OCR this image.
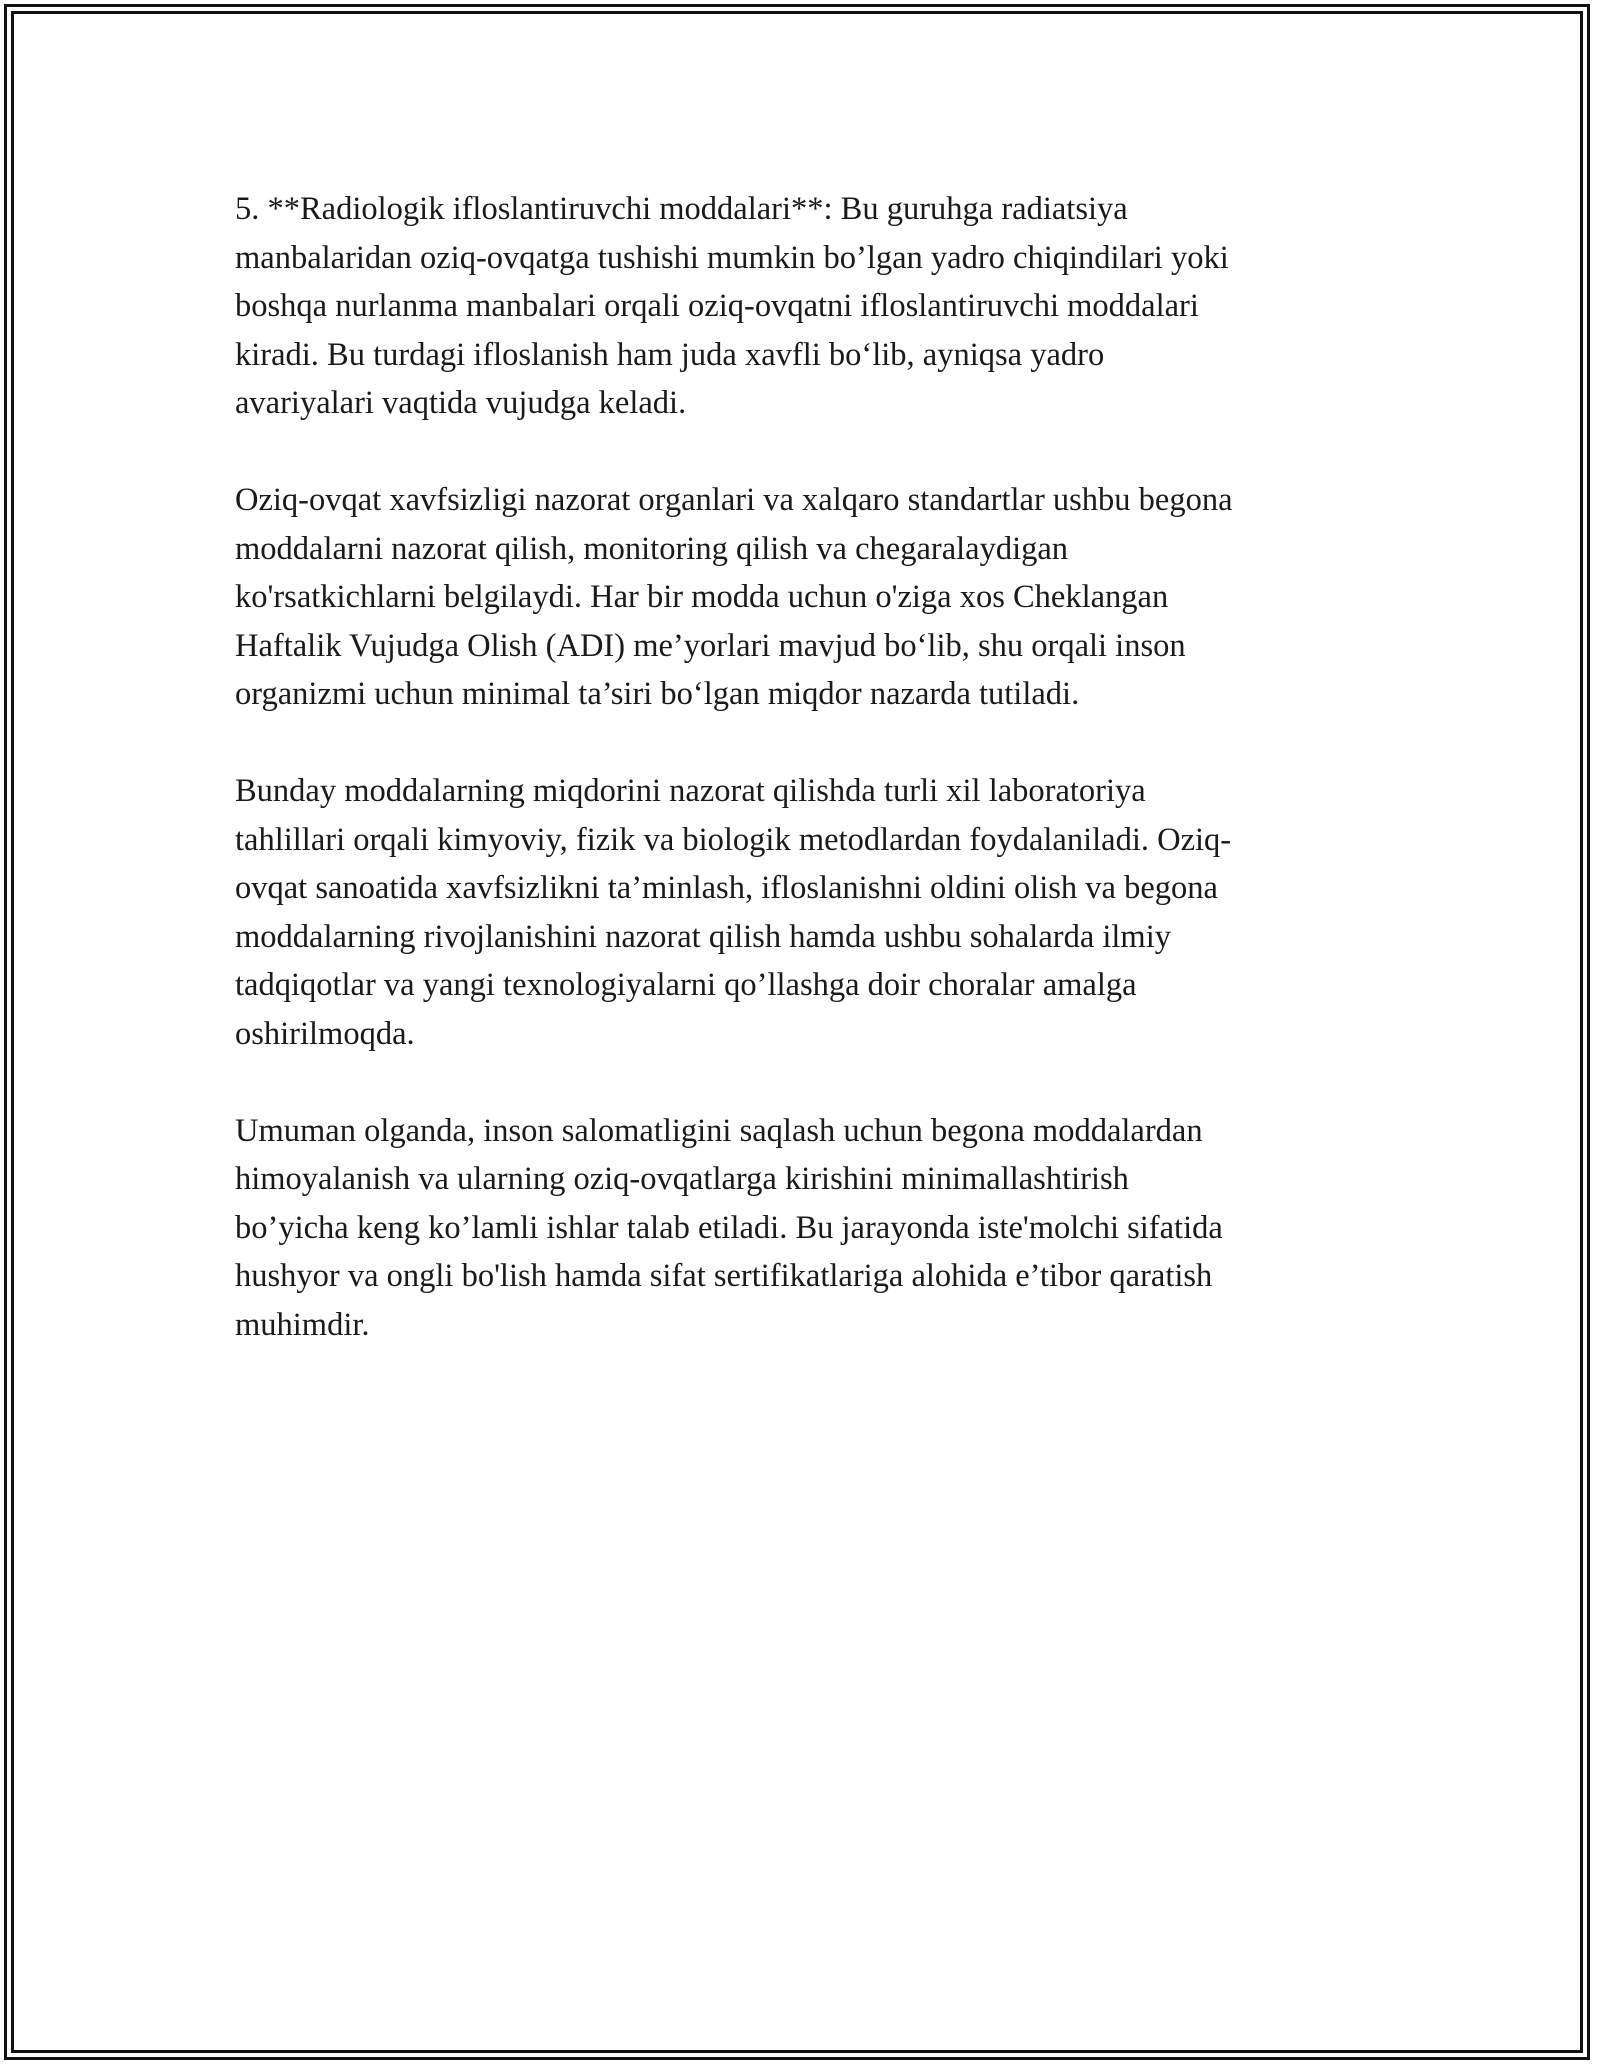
5. **Radiologik ifloslantiruvchi moddalari**: Bu guruhga radiatsiya
manbalaridan oziq-ovqatga tushishi mumkin bo’lgan yadro chiqindilari yoki
boshqa nurlanma manbalari orqali oziq-ovqatni ifloslantiruvchi moddalari
kiradi. Bu turdagi ifloslanish ham juda xavfli bo‘lib, ayniqsa yadro
avariyalari vaqtida vujudga keladi.

Oziq-ovqat xavfsizligi nazorat organlari va xalqaro standartlar ushbu begona
moddalarni nazorat qilish, monitoring qilish va chegaralaydigan
ko'rsatkichlarni belgilaydi. Har bir modda uchun o'ziga xos Cheklangan
Haftalik Vujudga Olish (ADI) me’yorlari mavjud bo‘lib, shu orqali inson
organizmi uchun minimal ta’siri bo‘lgan miqdor nazarda tutiladi.

Bunday moddalarning miqdorini nazorat qilishda turli xil laboratoriya
tahlillari orqali kimyoviy, fizik va biologik metodlardan foydalaniladi. Oziq-
ovqat sanoatida xavfsizlikni ta’minlash, ifloslanishni oldini olish va begona
moddalarning rivojlanishini nazorat qilish hamda ushbu sohalarda ilmiy
tadqiqotlar va yangi texnologiyalarni qo’llashga doir choralar amalga
oshirilmoqda.

Umuman olganda, inson salomatligini saqlash uchun begona moddalardan
himoyalanish va ularning oziq-ovqatlarga kirishini minimallashtirish
bo’yicha keng ko’lamli ishlar talab etiladi. Bu jarayonda iste'molchi sifatida
hushyor va ongli bo'lish hamda sifat sertifikatlariga alohida e’tibor qaratish
muhimdir.
